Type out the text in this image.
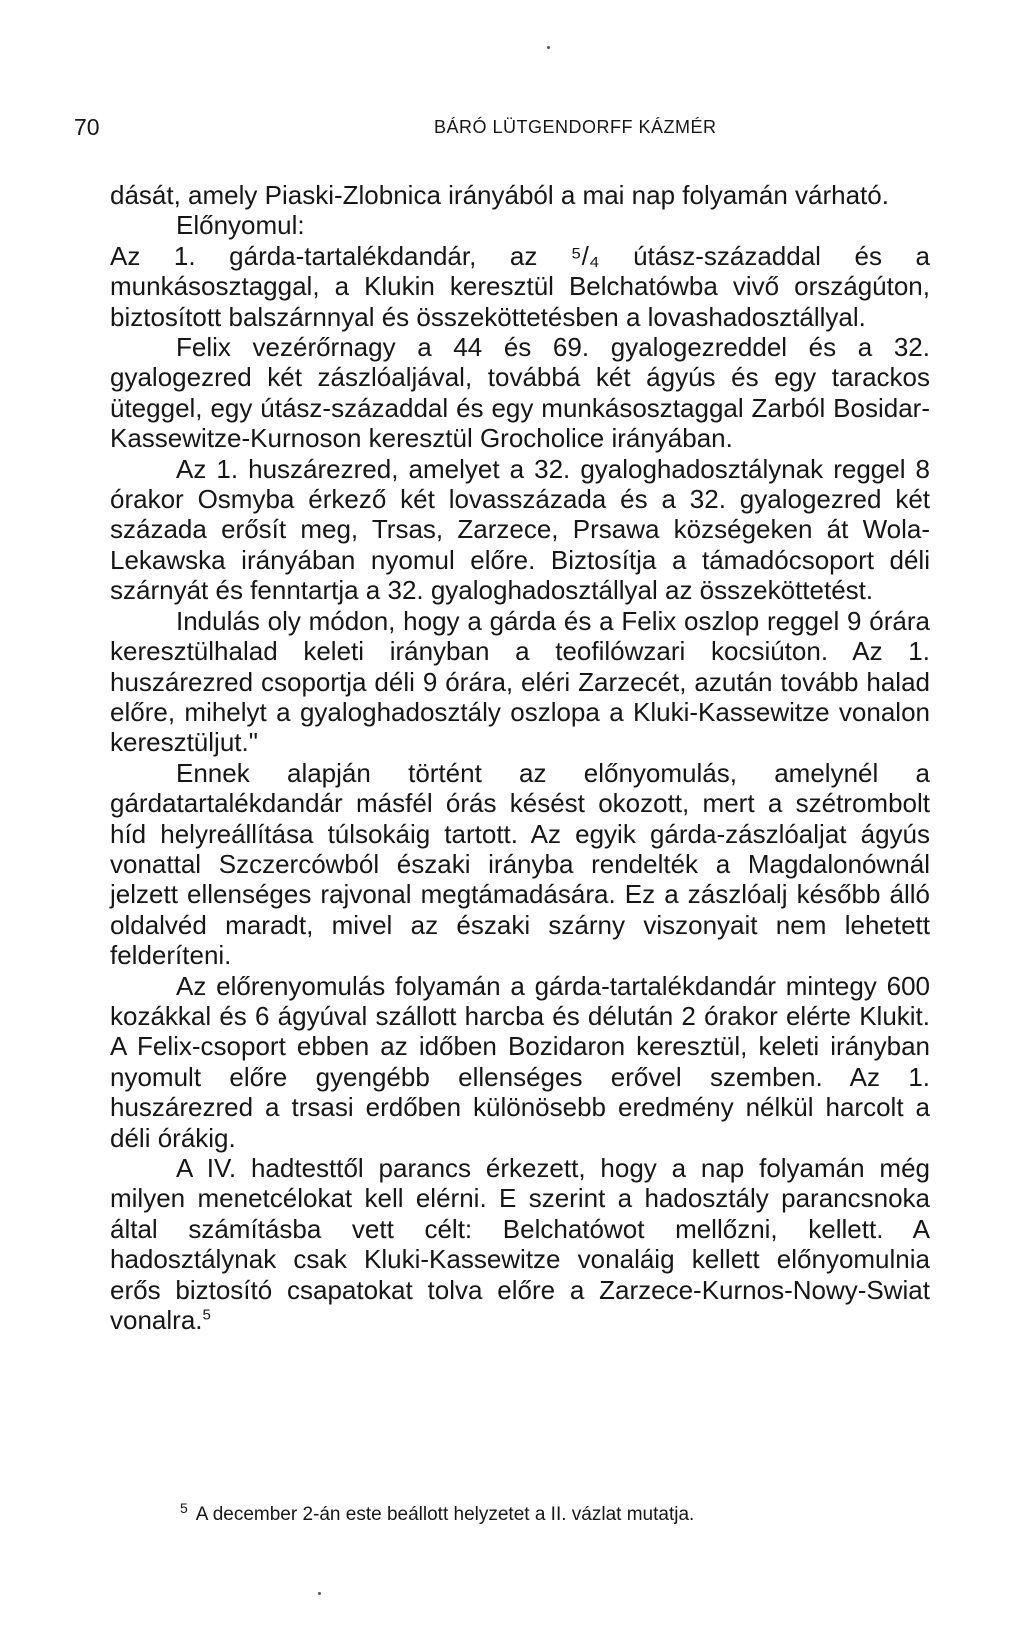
70	BÁRÓ LÜTGENDORFF KÁZMÉR

dását, amely Piaski-Zlobnica irányából a mai nap folyamán várható.

Előnyomul:

Az 1. gárda-tartalékdandár, az ⁵/₄ útász-századdal és a munkásosztaggal, a Klukin keresztül Belchatówba vivő országúton, biztosított balszárnnyal és összeköttetésben a lovashadosztállyal.

Felix vezérőrnagy a 44 és 69. gyalogezreddel és a 32. gyalogezred két zászlóaljával, továbbá két ágyús és egy tarackos üteggel, egy útász-századdal és egy munkásosztaggal Zarból Bosidar-Kassewitze-Kurnoson keresztül Grocholice irányában.

Az 1. huszárezred, amelyet a 32. gyaloghadosztálynak reggel 8 órakor Osmyba érkező két lovasszázada és a 32. gyalogezred két százada erősít meg, Trsas, Zarzece, Prsawa községeken át Wola-Lekawska irányában nyomul előre. Biztosítja a támadócsoport déli szárnyát és fenntartja a 32. gyaloghadosztállyal az összeköttetést.

Indulás oly módon, hogy a gárda és a Felix oszlop reggel 9 órára keresztülhalad keleti irányban a teofilówzari kocsiúton. Az 1. huszárezred csoportja déli 9 órára, eléri Zarzecét, azután tovább halad előre, mihelyt a gyaloghadosztály oszlopa a Kluki-Kassewitze vonalon keresztüljut."

Ennek alapján történt az előnyomulás, amelynél a gárdatartalékdandár másfél órás késést okozott, mert a szétrombolt híd helyreállítása túlsokáig tartott. Az egyik gárda-zászlóaljat ágyús vonattal Szczercówból északi irányba rendelték a Magdalonównál jelzett ellenséges rajvonal megtámadására. Ez a zászlóalj később álló oldalvéd maradt, mivel az északi szárny viszonyait nem lehetett felderíteni.

Az előrenyomulás folyamán a gárda-tartalékdandár mintegy 600 kozákkal és 6 ágyúval szállott harcba és délután 2 órakor elérte Klukit. A Felix-csoport ebben az időben Bozidaron keresztül, keleti irányban nyomult előre gyengébb ellenséges erővel szemben. Az 1. huszárezred a trsasi erdőben különösebb eredmény nélkül harcolt a déli órákig.

A IV. hadtesttől parancs érkezett, hogy a nap folyamán még milyen menetcélokat kell elérni. E szerint a hadosztály parancsnoka által számításba vett célt: Belchatówot mellőzni, kellett. A hadosztálynak csak Kluki-Kassewitze vonaláig kellett előnyomulnia erős biztosító csapatokat tolva előre a Zarzece-Kurnos-Nowy-Swiat vonalra.$^5$

$^5$ A december 2-án este beállott helyzetet a II. vázlat mutatja.
